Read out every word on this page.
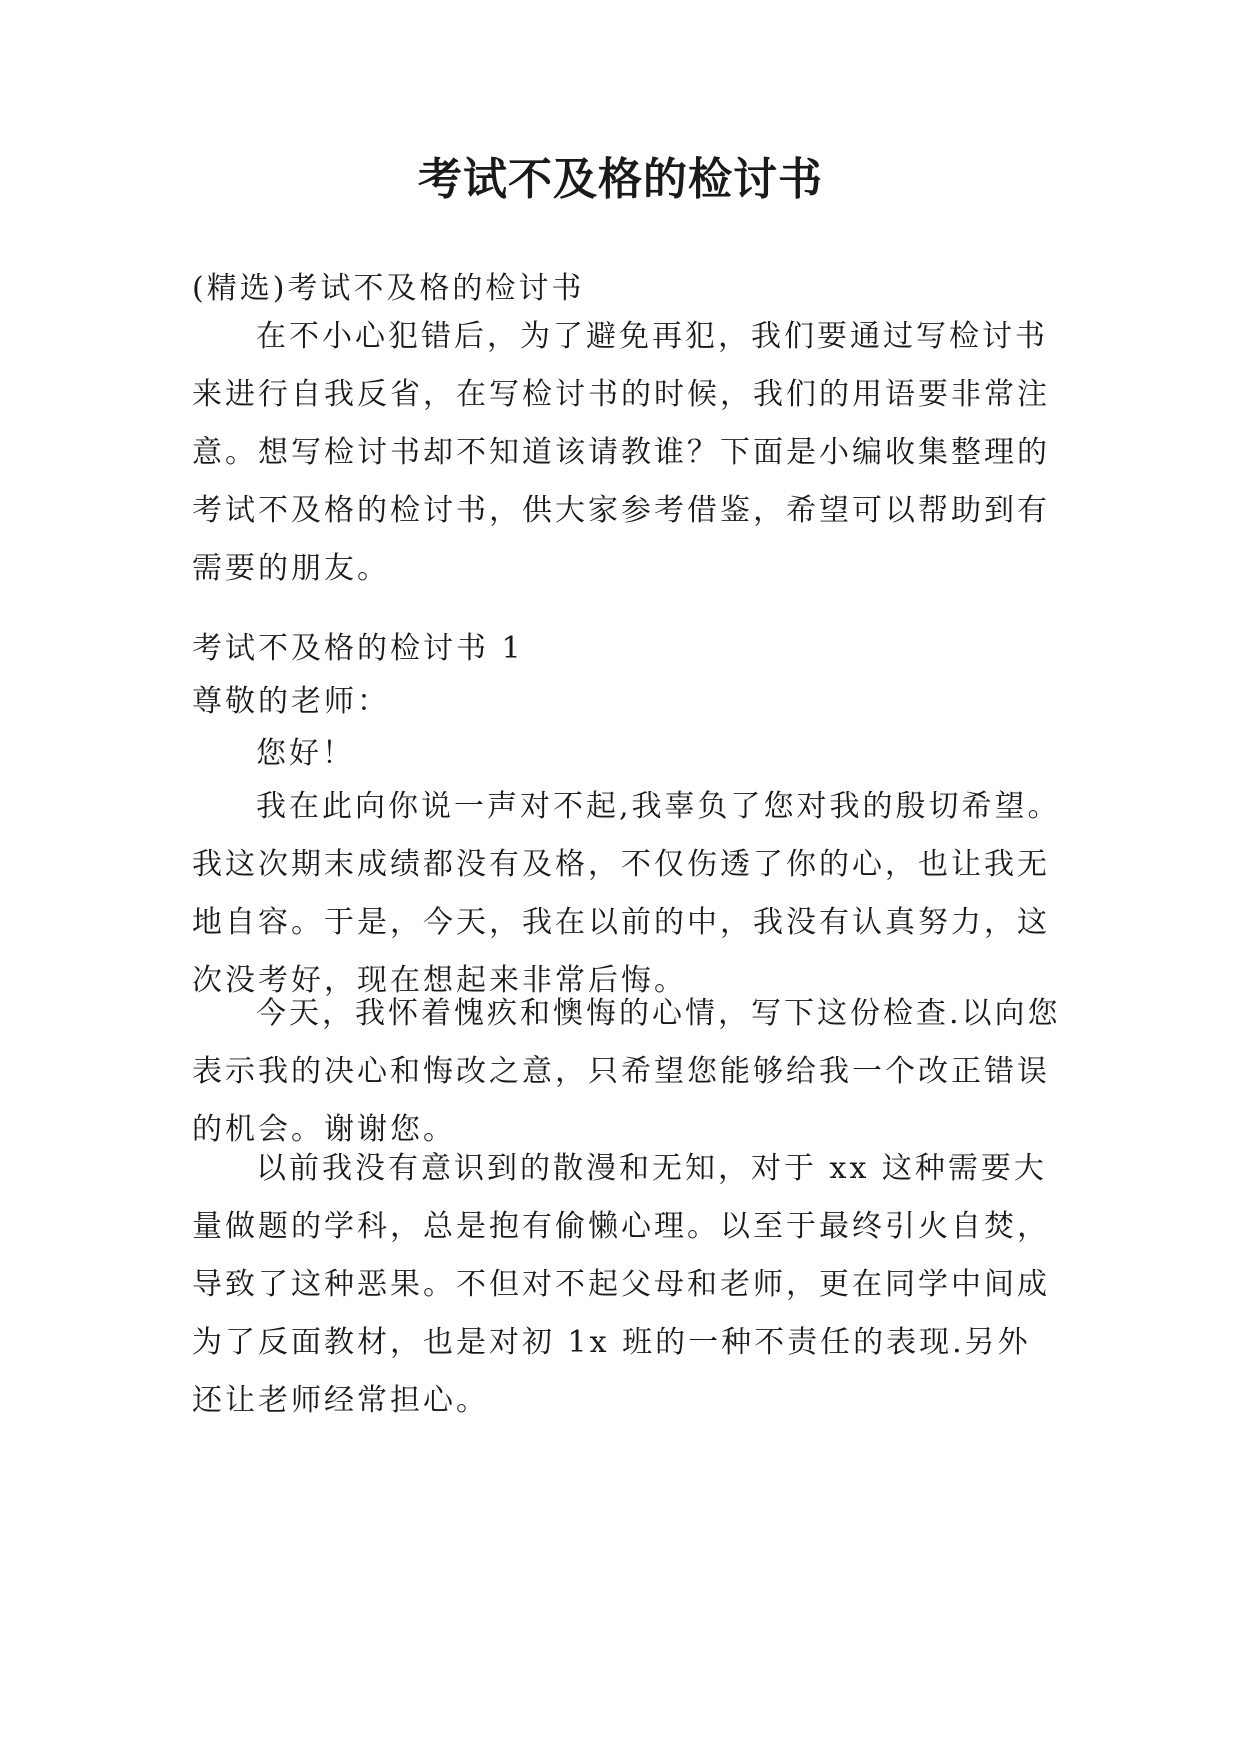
考试不及格的检讨书

(精选)考试不及格的检讨书

在不小心犯错后，为了避免再犯，我们要通过写检讨书来进行自我反省，在写检讨书的时候，我们的用语要非常注意。想写检讨书却不知道该请教谁？下面是小编收集整理的考试不及格的检讨书，供大家参考借鉴，希望可以帮助到有需要的朋友。

考试不及格的检讨书 1

尊敬的老师：

您好！

我在此向你说一声对不起,我辜负了您对我的殷切希望。我这次期末成绩都没有及格，不仅伤透了你的心，也让我无地自容。于是，今天，我在以前的中，我没有认真努力，这次没考好，现在想起来非常后悔。

今天，我怀着愧疚和懊悔的心情，写下这份检查.以向您表示我的决心和悔改之意，只希望您能够给我一个改正错误的机会。谢谢您。

以前我没有意识到的散漫和无知，对于 xx 这种需要大量做题的学科，总是抱有偷懒心理。以至于最终引火自焚，导致了这种恶果。不但对不起父母和老师，更在同学中间成为了反面教材，也是对初 1x 班的一种不责任的表现.另外还让老师经常担心。
